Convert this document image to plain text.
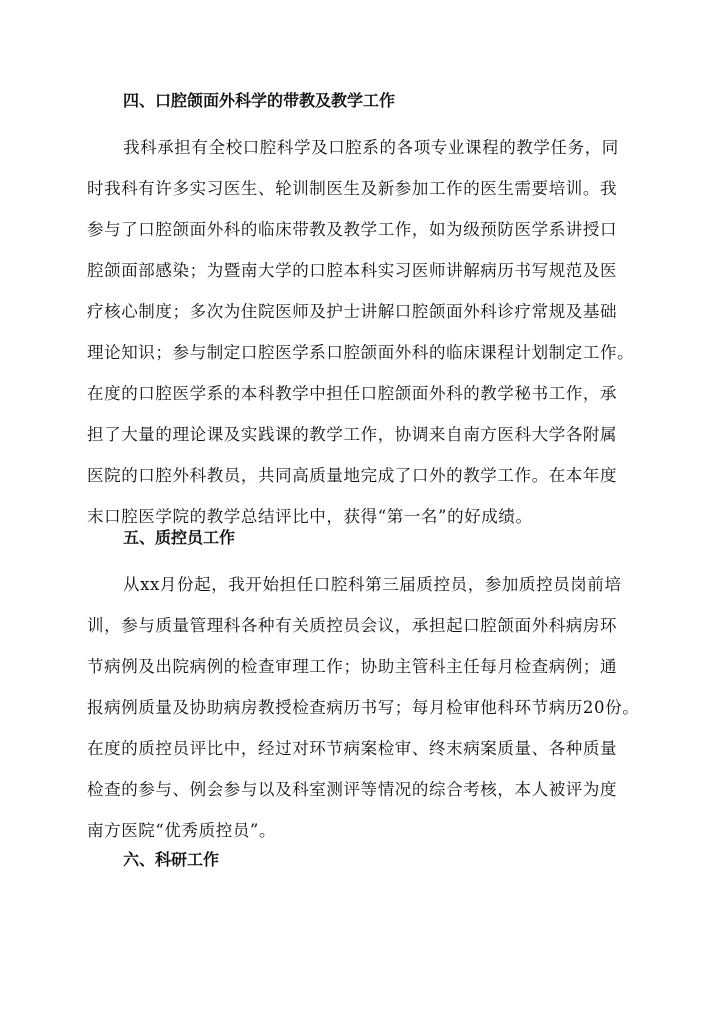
四、口腔颌面外科学的带教及教学工作
我科承担有全校口腔科学及口腔系的各项专业课程的教学任务，同
时我科有许多实习医生、轮训制医生及新参加工作的医生需要培训。我
参与了口腔颌面外科的临床带教及教学工作，如为级预防医学系讲授口
腔颌面部感染；为暨南大学的口腔本科实习医师讲解病历书写规范及医
疗核心制度；多次为住院医师及护士讲解口腔颌面外科诊疗常规及基础
理论知识；参与制定口腔医学系口腔颌面外科的临床课程计划制定工作。
在度的口腔医学系的本科教学中担任口腔颌面外科的教学秘书工作，承
担了大量的理论课及实践课的教学工作，协调来自南方医科大学各附属
医院的口腔外科教员，共同高质量地完成了口外的教学工作。在本年度
末口腔医学院的教学总结评比中，获得“第一名”的好成绩。
五、质控员工作
从xx月份起，我开始担任口腔科第三届质控员，参加质控员岗前培
训，参与质量管理科各种有关质控员会议，承担起口腔颌面外科病房环
节病例及出院病例的检查审理工作；协助主管科主任每月检查病例；通
报病例质量及协助病房教授检查病历书写；每月检审他科环节病历20份。
在度的质控员评比中，经过对环节病案检审、终末病案质量、各种质量
检查的参与、例会参与以及科室测评等情况的综合考核，本人被评为度
南方医院“优秀质控员”。
六、科研工作
